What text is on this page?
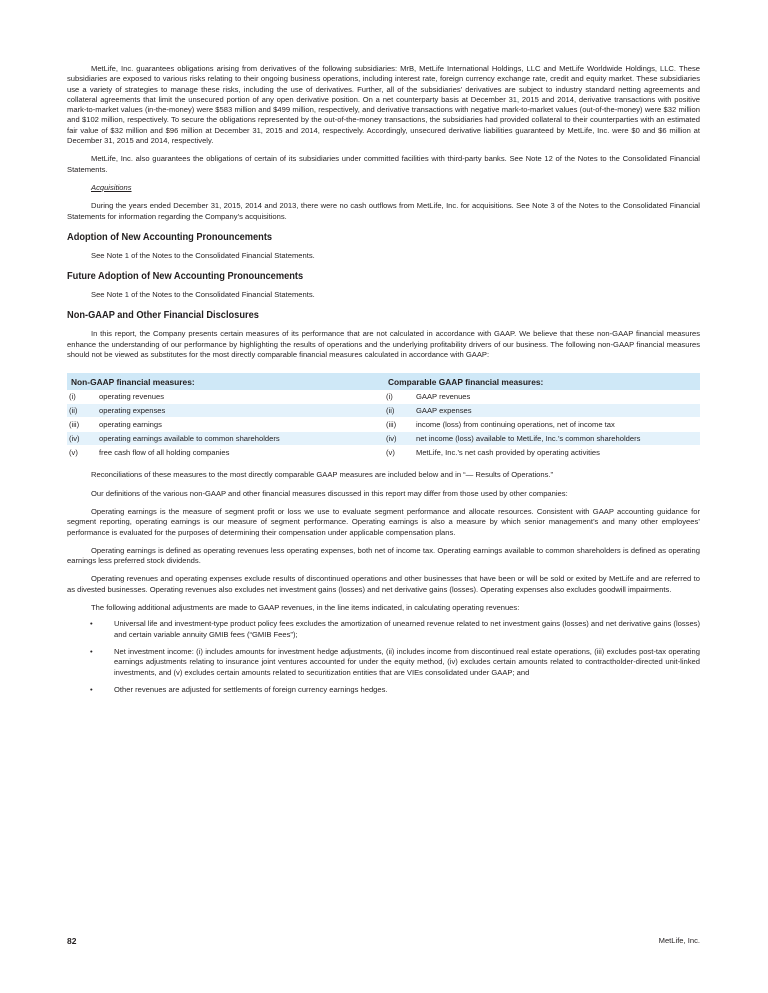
MetLife, Inc. guarantees obligations arising from derivatives of the following subsidiaries: MrB, MetLife International Holdings, LLC and MetLife Worldwide Holdings, LLC. These subsidiaries are exposed to various risks relating to their ongoing business operations, including interest rate, foreign currency exchange rate, credit and equity market. These subsidiaries use a variety of strategies to manage these risks, including the use of derivatives. Further, all of the subsidiaries’ derivatives are subject to industry standard netting agreements and collateral agreements that limit the unsecured portion of any open derivative position. On a net counterparty basis at December 31, 2015 and 2014, derivative transactions with positive mark-to-market values (in-the-money) were $583 million and $499 million, respectively, and derivative transactions with negative mark-to-market values (out-of-the-money) were $32 million and $102 million, respectively. To secure the obligations represented by the out-of-the-money transactions, the subsidiaries had provided collateral to their counterparties with an estimated fair value of $32 million and $96 million at December 31, 2015 and 2014, respectively. Accordingly, unsecured derivative liabilities guaranteed by MetLife, Inc. were $0 and $6 million at December 31, 2015 and 2014, respectively.

MetLife, Inc. also guarantees the obligations of certain of its subsidiaries under committed facilities with third-party banks. See Note 12 of the Notes to the Consolidated Financial Statements.

Acquisitions

During the years ended December 31, 2015, 2014 and 2013, there were no cash outflows from MetLife, Inc. for acquisitions. See Note 3 of the Notes to the Consolidated Financial Statements for information regarding the Company’s acquisitions.

Adoption of New Accounting Pronouncements

See Note 1 of the Notes to the Consolidated Financial Statements.

Future Adoption of New Accounting Pronouncements

See Note 1 of the Notes to the Consolidated Financial Statements.

Non-GAAP and Other Financial Disclosures

In this report, the Company presents certain measures of its performance that are not calculated in accordance with GAAP. We believe that these non-GAAP financial measures enhance the understanding of our performance by highlighting the results of operations and the underlying profitability drivers of our business. The following non-GAAP financial measures should not be viewed as substitutes for the most directly comparable financial measures calculated in accordance with GAAP:

Non-GAAP financial measures:		Comparable GAAP financial measures:	
(i)	operating revenues	(i)	GAAP revenues
(ii)	operating expenses	(ii)	GAAP expenses
(iii)	operating earnings	(iii)	income (loss) from continuing operations, net of income tax
(iv)	operating earnings available to common shareholders	(iv)	net income (loss) available to MetLife, Inc.’s common shareholders
(v)	free cash flow of all holding companies	(v)	MetLife, Inc.’s net cash provided by operating activities

Reconciliations of these measures to the most directly comparable GAAP measures are included below and in “— Results of Operations.”

Our definitions of the various non-GAAP and other financial measures discussed in this report may differ from those used by other companies:

Operating earnings is the measure of segment profit or loss we use to evaluate segment performance and allocate resources. Consistent with GAAP accounting guidance for segment reporting, operating earnings is our measure of segment performance. Operating earnings is also a measure by which senior management’s and many other employees’ performance is evaluated for the purposes of determining their compensation under applicable compensation plans.

Operating earnings is defined as operating revenues less operating expenses, both net of income tax. Operating earnings available to common shareholders is defined as operating earnings less preferred stock dividends.

Operating revenues and operating expenses exclude results of discontinued operations and other businesses that have been or will be sold or exited by MetLife and are referred to as divested businesses. Operating revenues also excludes net investment gains (losses) and net derivative gains (losses). Operating expenses also excludes goodwill impairments.

The following additional adjustments are made to GAAP revenues, in the line items indicated, in calculating operating revenues:

•	Universal life and investment-type product policy fees excludes the amortization of unearned revenue related to net investment gains (losses) and net derivative gains (losses) and certain variable annuity GMIB fees (“GMIB Fees”);
•	Net investment income: (i) includes amounts for investment hedge adjustments, (ii) includes income from discontinued real estate operations, (iii) excludes post-tax operating earnings adjustments relating to insurance joint ventures accounted for under the equity method, (iv) excludes certain amounts related to contractholder-directed unit-linked investments, and (v) excludes certain amounts related to securitization entities that are VIEs consolidated under GAAP; and
•	Other revenues are adjusted for settlements of foreign currency earnings hedges.
82	MetLife, Inc.
